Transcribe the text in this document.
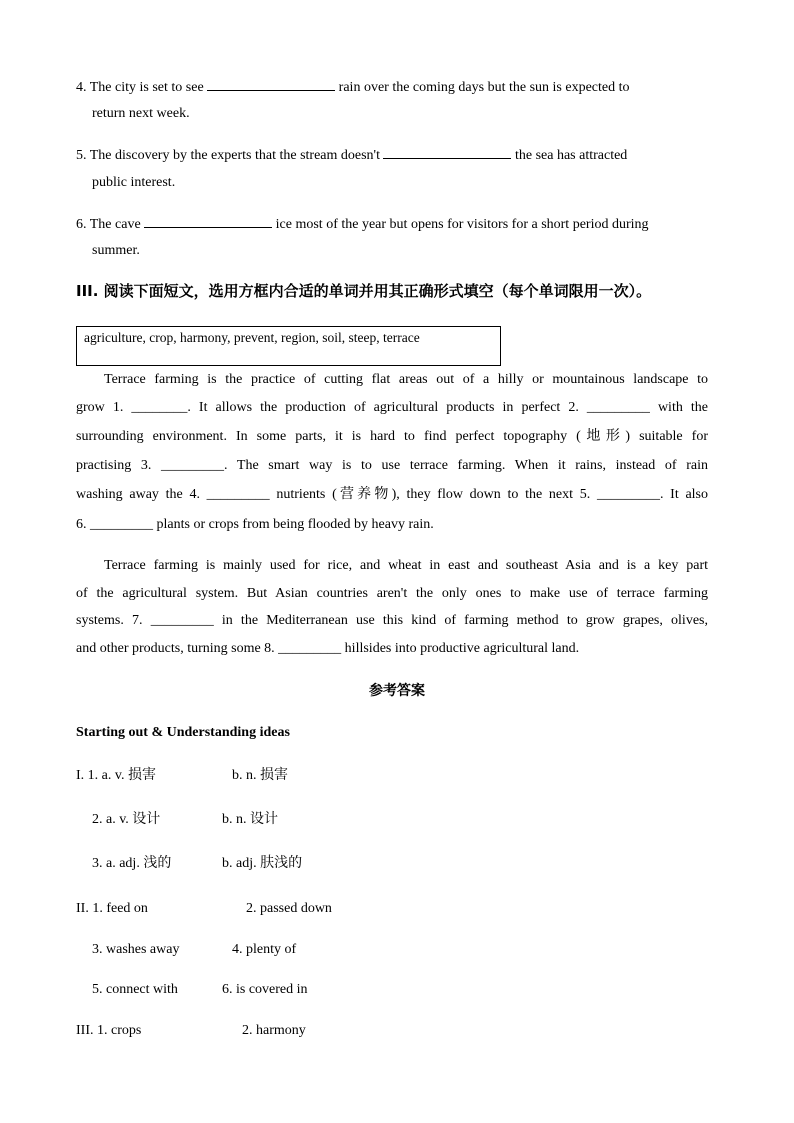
4. The city is set to see	rain over the coming days but the sun is expected to
return next week.
5. The discovery by the experts that the stream doesn't	the sea has attracted
public interest.
6. The cave	ice most of the year but opens for visitors for a short period during
summer.
III. 阅读下面短文，选用方框内合适的单词并用其正确形式填空（每个单词限用一次）。
agriculture, crop, harmony, prevent, region, soil, steep, terrace
Terrace farming is the practice of cutting flat areas out of a hilly or mountainous landscape to
grow 1. ________. It allows the production of agricultural products in perfect 2. _________ with the
surrounding environment. In some parts, it is hard to find perfect topography (地形) suitable for
practising 3. _________. The smart way is to use terrace farming. When it rains, instead of rain
washing away the 4. _________ nutrients (营养物), they flow down to the next 5. _________. It also
6. _________ plants or crops from being flooded by heavy rain.
Terrace farming is mainly used for rice, and wheat in east and southeast Asia and is a key part
of the agricultural system. But Asian countries aren't the only ones to make use of terrace farming
systems. 7. _________ in the Mediterranean use this kind of farming method to grow grapes, olives,
and other products, turning some 8. _________ hillsides into productive agricultural land.
参考答案
Starting out & Understanding ideas
I. 1. a. v. 损害	b. n. 损害
2. a. v. 设计	b. n. 设计
3. a. adj. 浅的	b. adj. 肤浅的
II. 1. feed on	2. passed down
3. washes away	4. plenty of
5. connect with	6. is covered in
III. 1. crops	2. harmony
